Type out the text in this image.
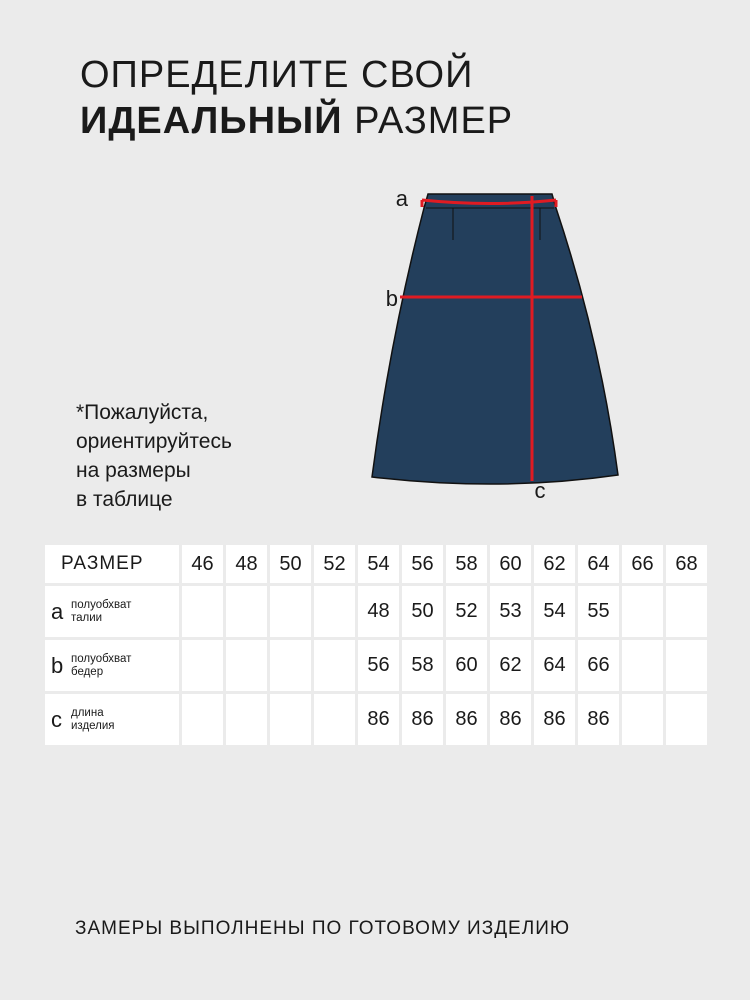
ОПРЕДЕЛИТЕ СВОЙ
ИДЕАЛЬНЫЙ РАЗМЕР
a
b
c
*Пожалуйста,
ориентируйтесь
на размеры
в таблице
РАЗМЕР	46	48	50	52	54	56	58	60	62	64	66	68
a полуобхват
талии					48	50	52	53	54	55		
b полуобхват
бедер					56	58	60	62	64	66		
c длина
изделия					86	86	86	86	86	86		
ЗАМЕРЫ ВЫПОЛНЕНЫ ПО ГОТОВОМУ ИЗДЕЛИЮ
